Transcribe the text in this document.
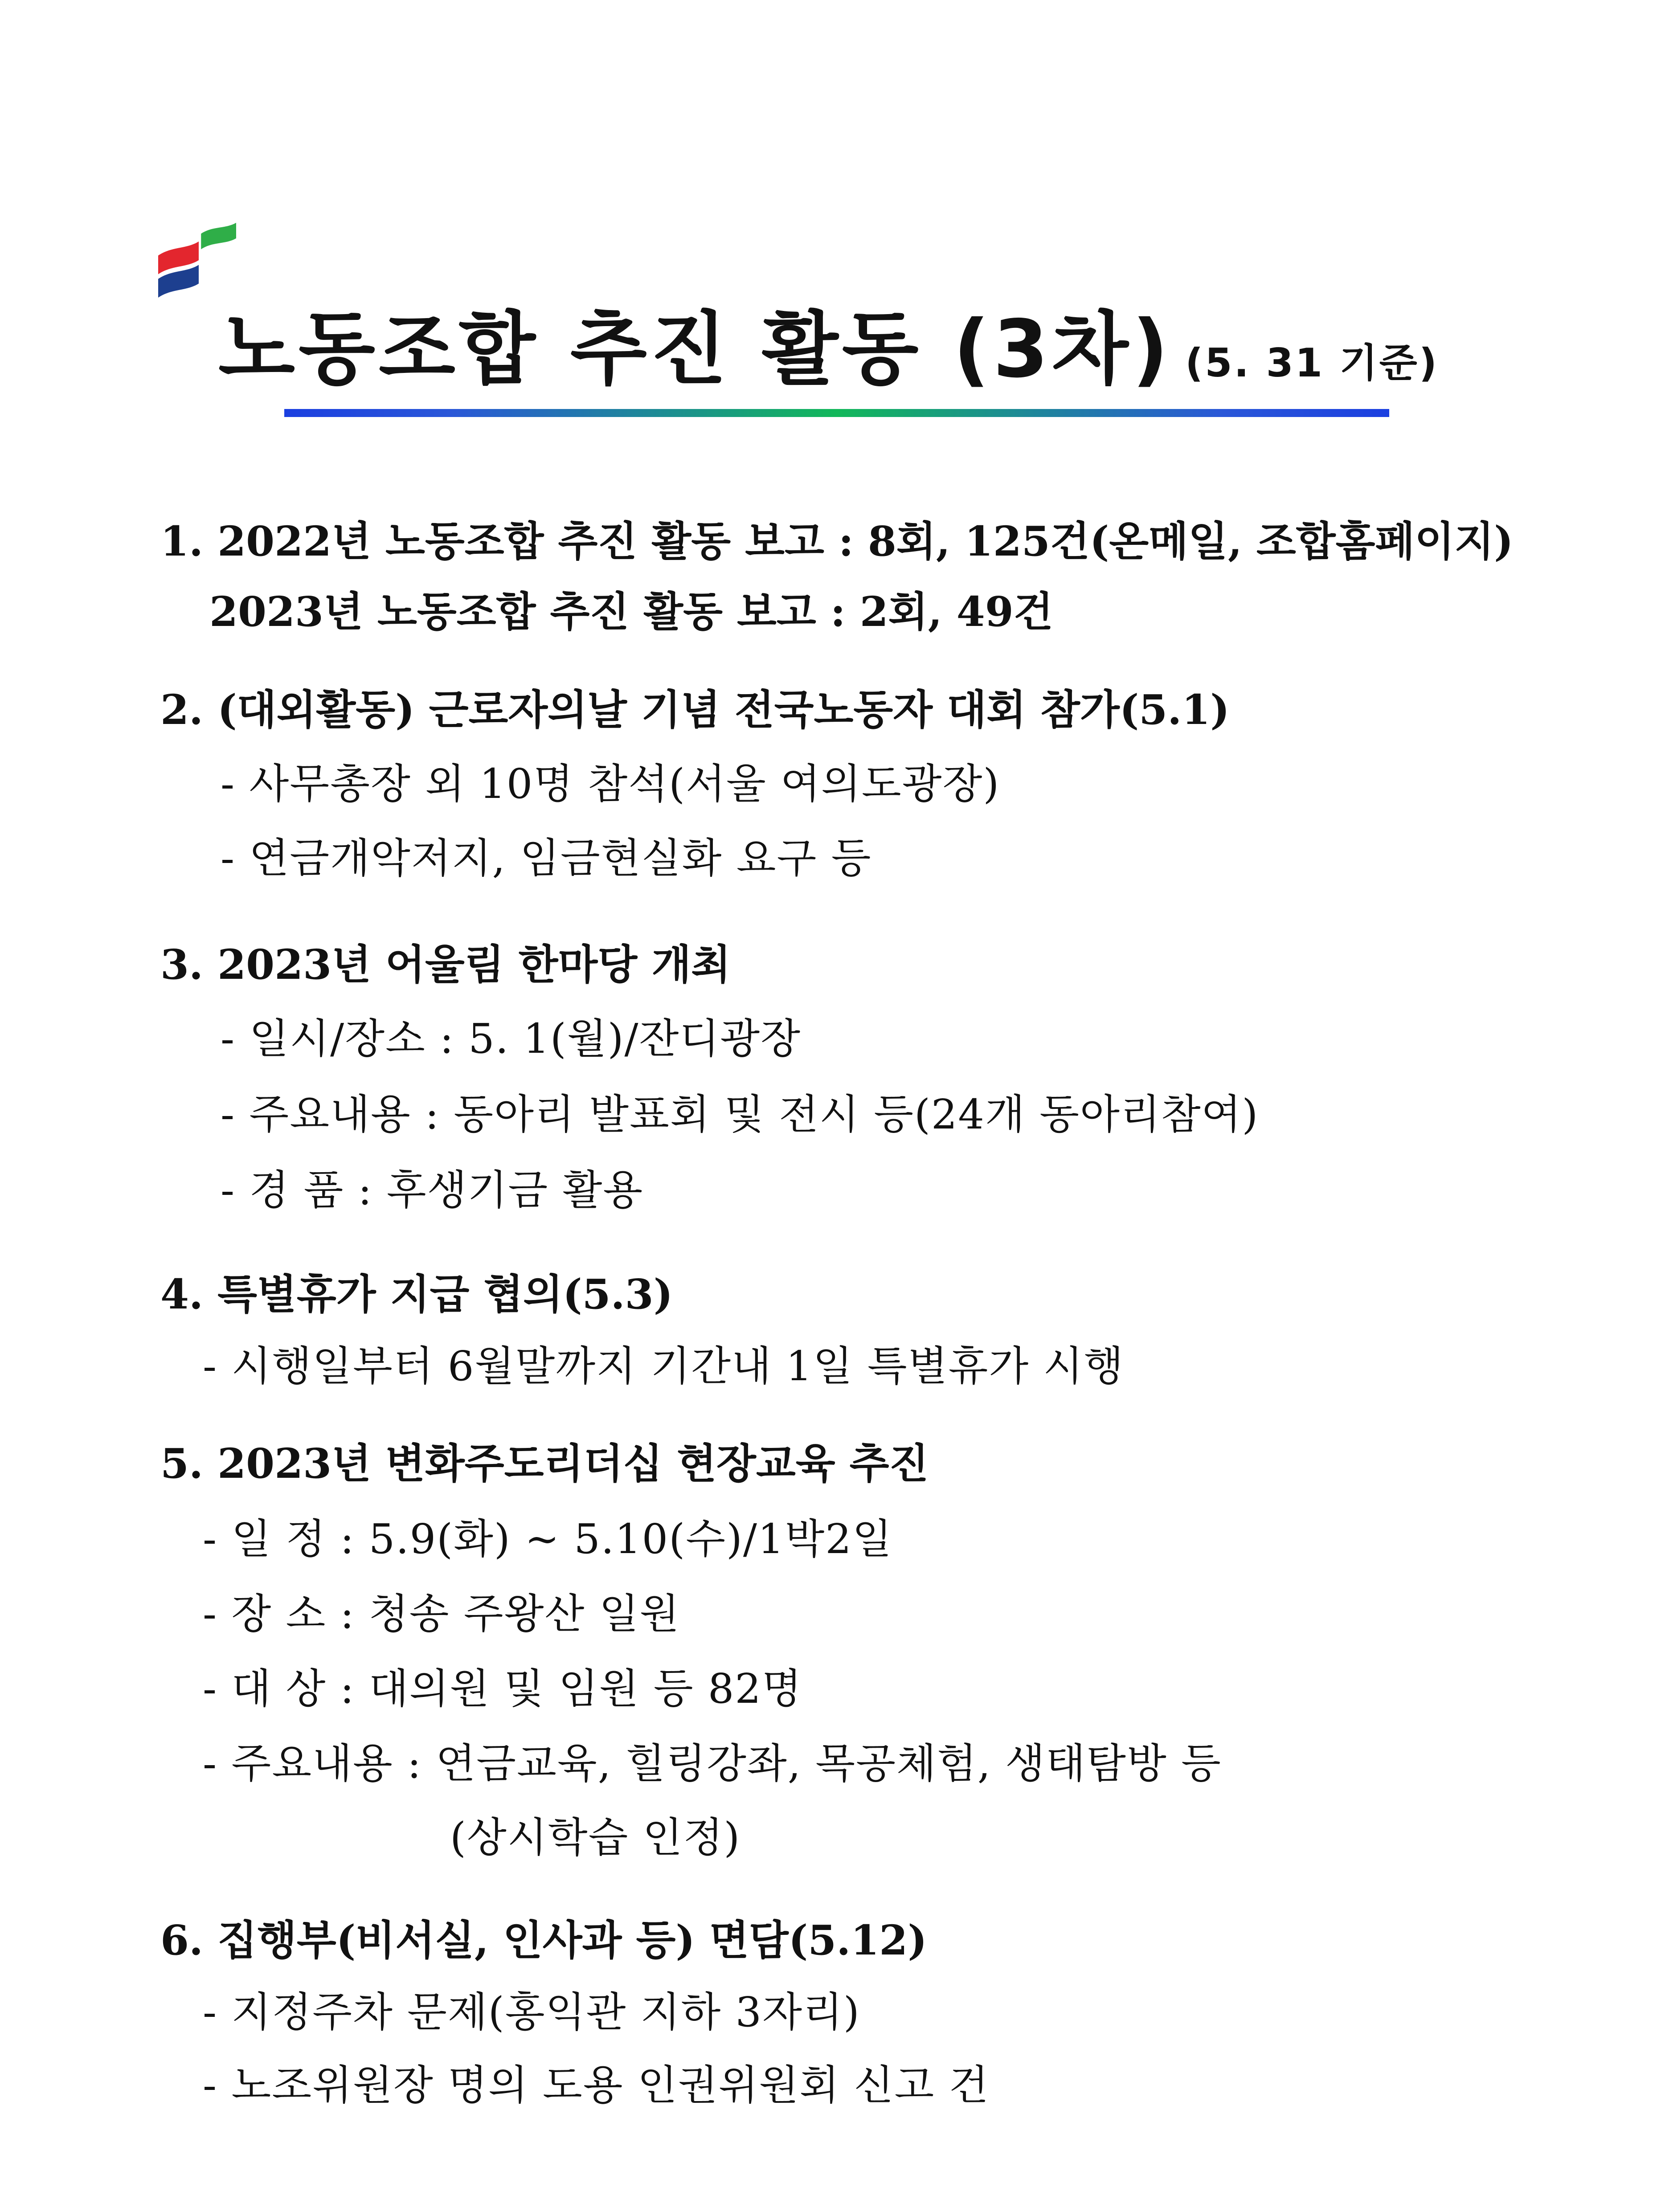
노동조합 추진 활동 (3차) (5. 31 기준)
1. 2022년 노동조합 추진 활동 보고 : 8회, 125건(온메일, 조합홈페이지)
2023년 노동조합 추진 활동 보고 : 2회, 49건
2. (대외활동) 근로자의날 기념 전국노동자 대회 참가(5.1)
- 사무총장 외 10명 참석(서울 여의도광장)
- 연금개악저지, 임금현실화 요구 등
3. 2023년 어울림 한마당 개최
- 일시/장소 : 5. 1(월)/잔디광장
- 주요내용 : 동아리 발표회 및 전시 등(24개 동아리참여)
- 경 품 : 후생기금 활용
4. 특별휴가 지급 협의(5.3)
- 시행일부터 6월말까지 기간내 1일 특별휴가 시행
5. 2023년 변화주도리더십 현장교육 추진
- 일 정 : 5.9(화) ~ 5.10(수)/1박2일
- 장 소 : 청송 주왕산 일원
- 대 상 : 대의원 및 임원 등 82명
- 주요내용 : 연금교육, 힐링강좌, 목공체험, 생태탐방 등
(상시학습 인정)
6. 집행부(비서실, 인사과 등) 면담(5.12)
- 지정주차 문제(홍익관 지하 3자리)
- 노조위원장 명의 도용 인권위원회 신고 건
